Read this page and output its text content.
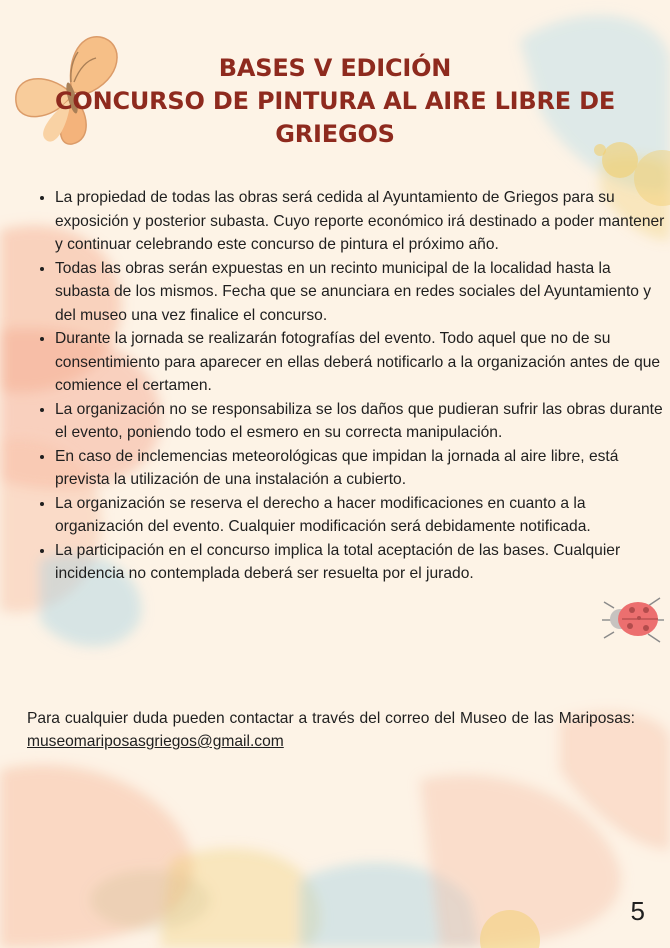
BASES V EDICIÓN
CONCURSO DE PINTURA AL AIRE LIBRE DE
GRIEGOS
• La propiedad de todas las obras será cedida al Ayuntamiento de Griegos para su exposición y posterior subasta. Cuyo reporte económico irá destinado a poder mantener y continuar celebrando este concurso de pintura el próximo año.
• Todas las obras serán expuestas en un recinto municipal de la localidad hasta la subasta de los mismos. Fecha que se anunciara en redes sociales del Ayuntamiento y del museo una vez finalice el concurso.
• Durante la jornada se realizarán fotografías del evento. Todo aquel que no de su consentimiento para aparecer en ellas deberá notificarlo a la organización antes de que comience el certamen.
• La organización no se responsabiliza se los daños que pudieran sufrir las obras durante el evento, poniendo todo el esmero en su correcta manipulación.
• En caso de inclemencias meteorológicas que impidan la jornada al aire libre, está prevista la utilización de una instalación a cubierto.
• La organización se reserva el derecho a hacer modificaciones en cuanto a la organización del evento. Cualquier modificación será debidamente notificada.
• La participación en el concurso implica la total aceptación de las bases. Cualquier incidencia no contemplada deberá ser resuelta por el jurado.
Para cualquier duda pueden contactar a través del correo del Museo de las Mariposas: museomariposasgriegos@gmail.com
5
